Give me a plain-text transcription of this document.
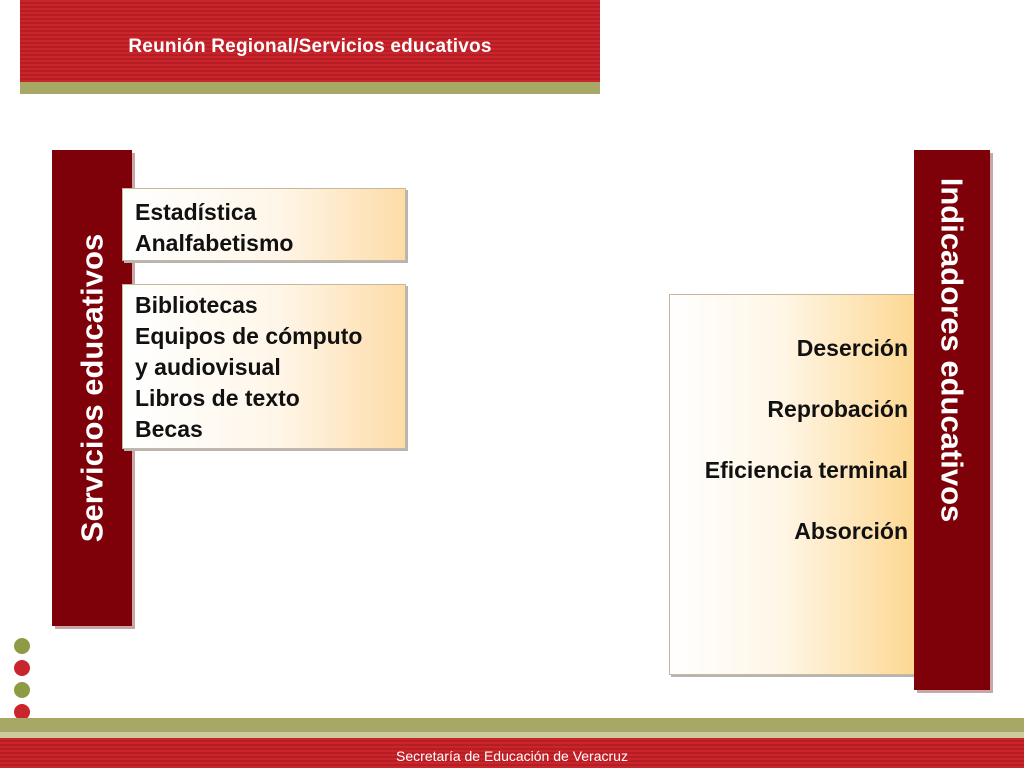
Reunión Regional/Servicios educativos
Servicios educativos
Estadística
Analfabetismo
Bibliotecas
Equipos de cómputo
y audiovisual
Libros de texto
Becas
Deserción
Reprobación
Eficiencia terminal
Absorción
Indicadores educativos
Secretaría de Educación de Veracruz
